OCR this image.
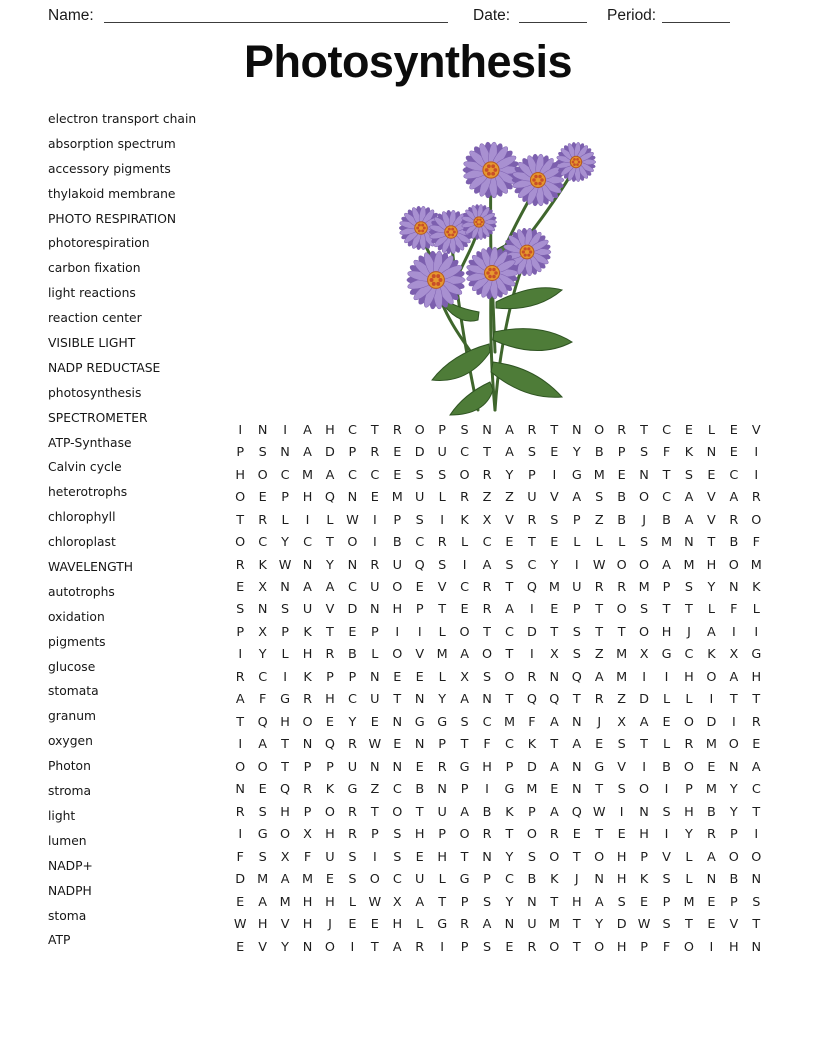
Name:	Date:	Period:
Photosynthesis
electron transport chain
absorption spectrum
accessory pigments
thylakoid membrane
PHOTO RESPIRATION
photorespiration
carbon fixation
light reactions
reaction center
VISIBLE LIGHT
NADP REDUCTASE
photosynthesis
SPECTROMETER
ATP-Synthase
Calvin cycle
heterotrophs
chlorophyll
chloroplast
WAVELENGTH
autotrophs
oxidation
pigments
glucose
stomata
granum
oxygen
Photon
stroma
light
lumen
NADP+
NADPH
stoma
ATP
I	N	I	A	H	C	T	R	O	P	S	N	A	R	T	N O	R	T	C	E	L	E	V
P	S	N	A	D	P	R	E	D	U	C	T	A	S	E	Y	B	P	S	F	K	N	E	I
H O	C M A	C	C	E	S	S	O	R	Y	P	I	G M	E	N	T	S	E	C	I
O	E	P	H Q N	E	M U	L	R	Z	Z	U	V	A	S	B	O	C	A	V	A	R
T	R	L	I	L W	I	P	S	I	K	X	V	R	S	P	Z	B	J	B	A	V	R	O
O	C	Y	C	T	O	I	B	C	R	L	C	E	T	E	L	L	L	S	M N	T	B	F
R	K W N	Y	N	R	U Q	S	I	A	S	C	Y	I	W O O	A M H O M
E	X	N	A	A	C	U O	E	V	C	R	T	Q M U	R	R M	P	S	Y	N	K
S	N	S	U	V	D N	H	P	T	E	R	A	I	E	P	T	O	S	T	T	L	F	L
P	X	P	K	T	E	P	I	I	L	O	T	C	D	T	S	T	T	O H	J	A	I	I
I	Y	L	H	R	B	L	O	V M A	O	T	I	X	S	Z M X	G	C	K	X	G
R	C	I	K	P	P	N	E	E	L	X	S	O	R	N Q	A M	I	I	H O	A	H
A	F	G	R	H	C	U	T	N	Y	A	N	T	Q Q	T	R	Z	D	L	L	I	T	T
T	Q H O	E	Y	E	N G G	S	C M	F	A	N	J	X	A	E	O D	I	R
I	A	T	N Q	R W E	N	P	T	F	C	K	T	A	E	S	T	L	R M O	E
O O	T	P	P	U	N	N	E	R	G H	P	D	A	N G	V	I	B	O	E	N	A
N	E	Q	R	K	G	Z	C	B	N	P	I	G M	E	N	T	S	O	I	P	M	Y	C
R	S	H	P	O	R	T	O	T	U	A	B	K	P	A	Q W	I	N	S	H	B	Y	T
I	G O	X	H	R	P	S	H	P	O	R	T	O	R	E	T	E	H	I	Y	R	P	I
F	S	X	F	U	S	I	S	E	H	T	N	Y	S	O	T	O H	P	V	L	A	O O
D M A M	E	S	O	C	U	L	G	P	C	B	K	J	N	H	K	S	L	N	B	N
E	A M H	H	L W X	A	T	P	S	Y	N	T	H	A	S	E	P	M	E	P	S
W H	V	H	J	E	E	H	L	G	R	A	N	U M	T	Y	D W S	T	E	V	T
E	V	Y	N O	I	T	A	R	I	P	S	E	R	O	T	O H	P	F	O	I	H	N
